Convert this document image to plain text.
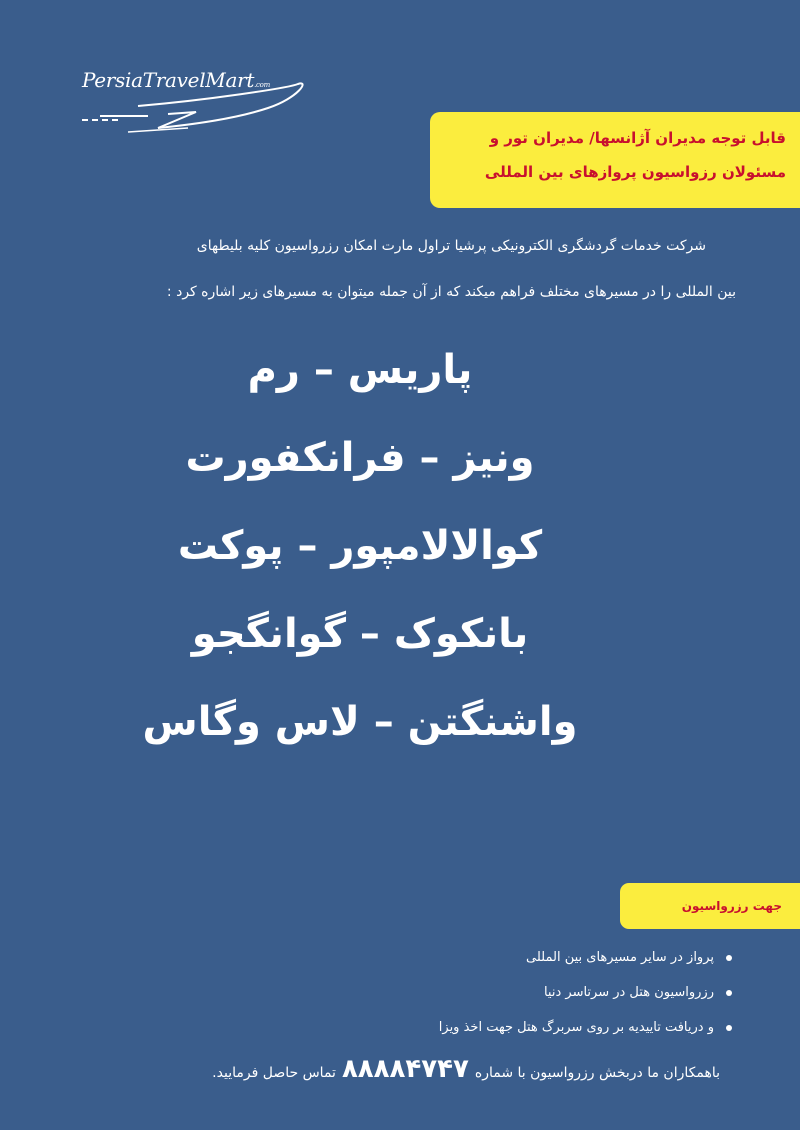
PersiaTravelMart.com
قابل توجه مدیران آژانسها/ مدیران تور و
مسئولان رزواسیون پروازهای بین المللی
شرکت خدمات گردشگری الکترونیکی پرشیا تراول مارت امکان رزرواسیون کلیه بلیطهای
بین المللی را در مسیرهای مختلف فراهم میکند که از آن جمله میتوان به مسیرهای زیر اشاره کرد :
پاریس – رم
ونیز – فرانکفورت
کوالالامپور – پوکت
بانکوک – گوانگجو
واشنگتن – لاس وگاس
جهت رزرواسیون
پرواز در سایر مسیرهای بین المللی
رزرواسیون هتل در سرتاسر دنیا
و دریافت تاییدیه بر روی سربرگ هتل جهت اخذ ویزا
باهمکاران ما دربخش رزرواسیون با شماره
۸۸۸۸۴۷۴۷
تماس حاصل فرمایید.
